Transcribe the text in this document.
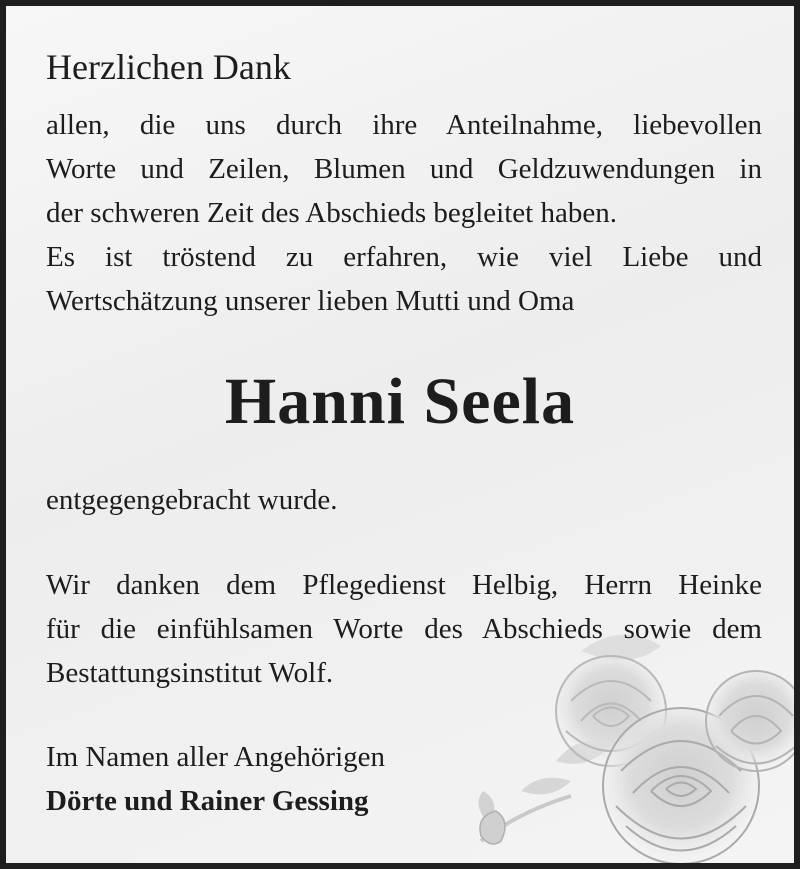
Herzlichen Dank
allen, die uns durch ihre Anteilnahme, liebevollen
Worte und Zeilen, Blumen und Geldzuwendungen in
der schweren Zeit des Abschieds begleitet haben.
Es ist tröstend zu erfahren, wie viel Liebe und
Wertschätzung unserer lieben Mutti und Oma
Hanni Seela
entgegengebracht wurde.
Wir danken dem Pflegedienst Helbig, Herrn Heinke
für die einfühlsamen Worte des Abschieds sowie dem
Bestattungsinstitut Wolf.
Im Namen aller Angehörigen
Dörte und Rainer Gessing
